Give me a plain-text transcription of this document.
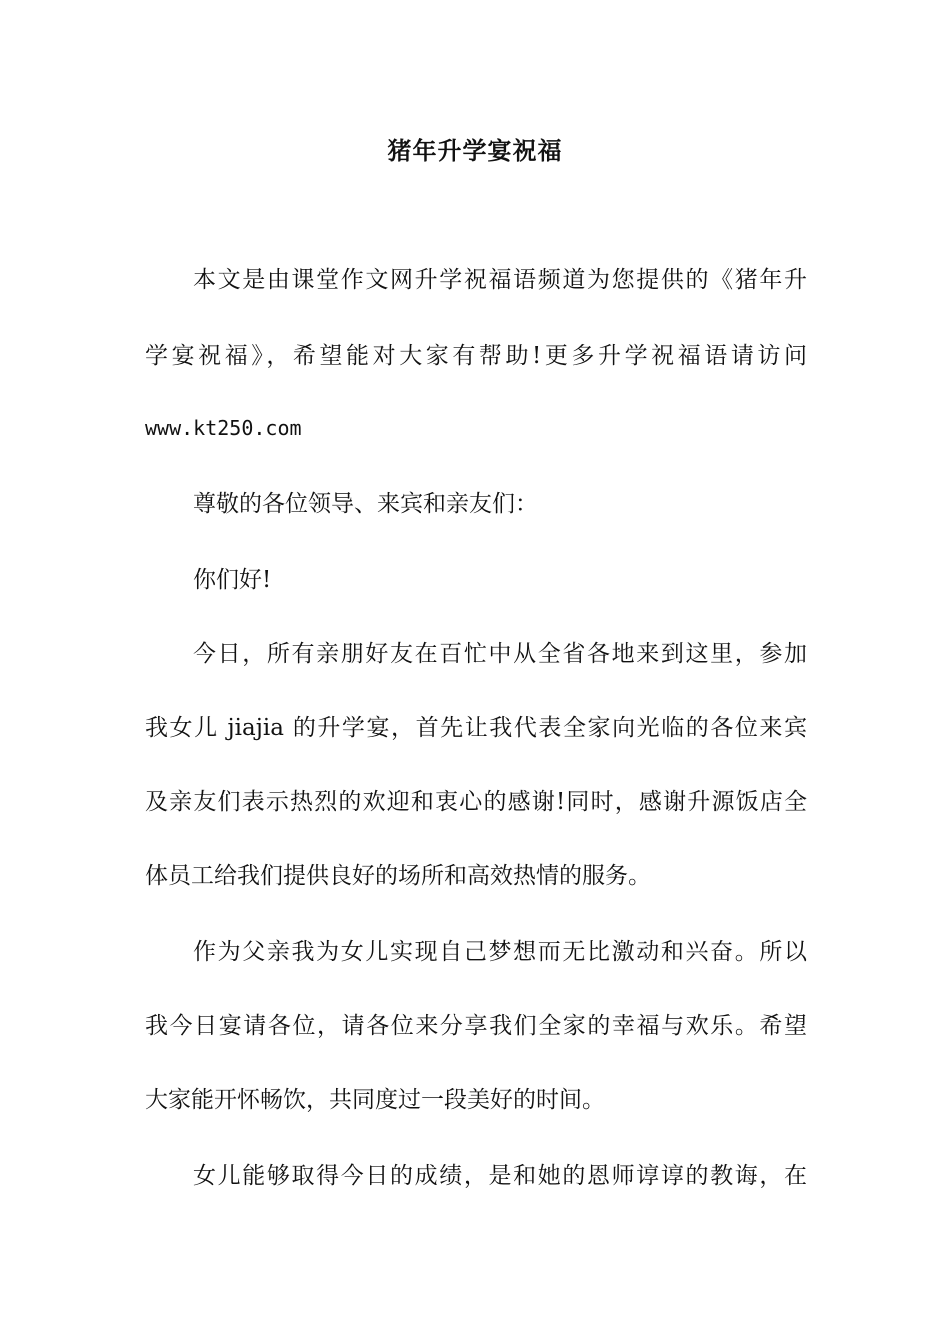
猪年升学宴祝福
本文是由课堂作文网升学祝福语频道为您提供的《猪年升
学宴祝福》，希望能对大家有帮助!更多升学祝福语请访问
www.kt250.com
尊敬的各位领导、来宾和亲友们：
你们好!
今日，所有亲朋好友在百忙中从全省各地来到这里，参加
我女儿 jiajia 的升学宴，首先让我代表全家向光临的各位来宾
及亲友们表示热烈的欢迎和衷心的感谢!同时，感谢升源饭店全
体员工给我们提供良好的场所和高效热情的服务。
作为父亲我为女儿实现自己梦想而无比激动和兴奋。所以
我今日宴请各位，请各位来分享我们全家的幸福与欢乐。希望
大家能开怀畅饮，共同度过一段美好的时间。
女儿能够取得今日的成绩，是和她的恩师谆谆的教诲，在
